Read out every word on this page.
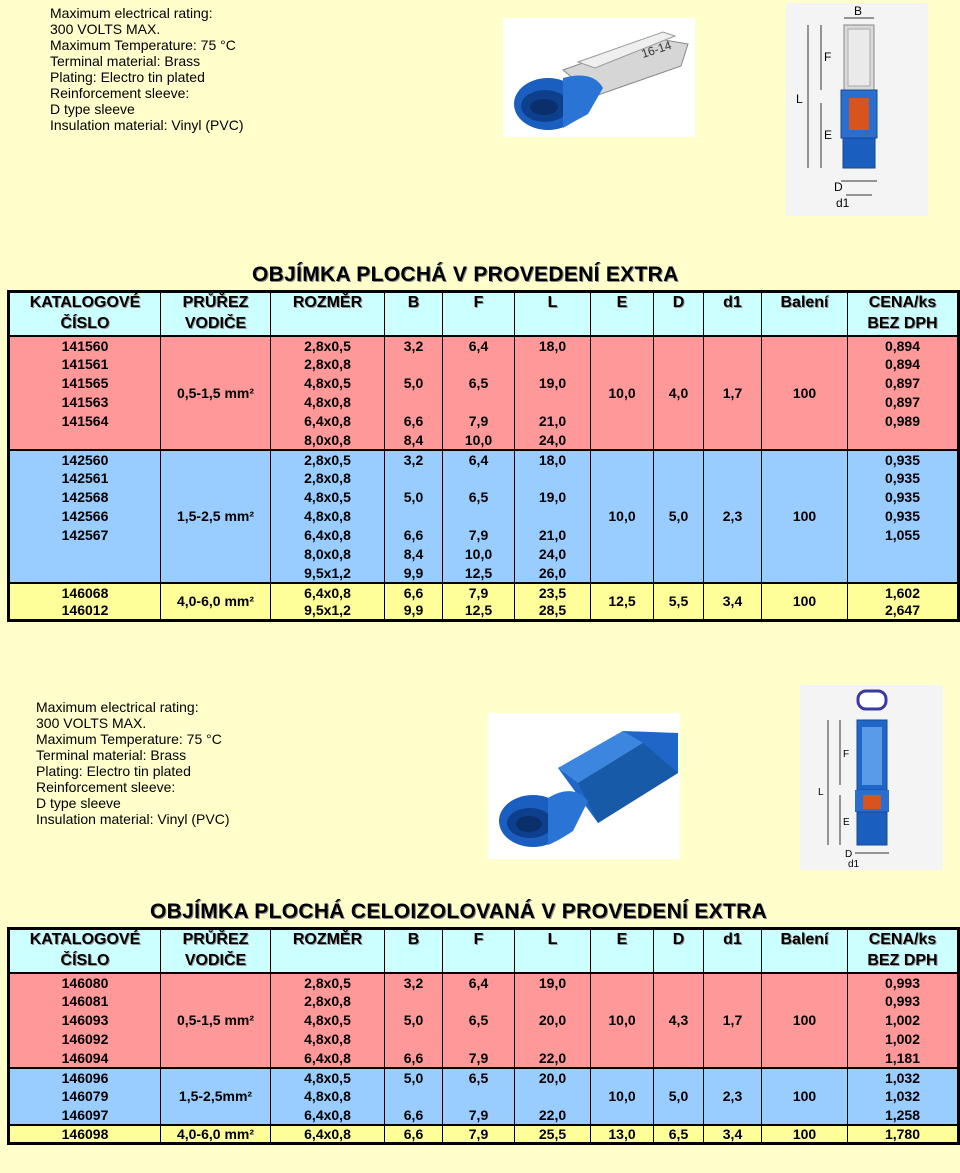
Maximum electrical rating:
300 VOLTS MAX.
Maximum Temperature: 75 °C
Terminal material: Brass
Plating: Electro tin plated
Reinforcement sleeve:
D type sleeve
Insulation material: Vinyl (PVC)
16-14
B
F
L
E
D
d1
OBJÍMKA PLOCHÁ V PROVEDENÍ EXTRA
KATALOGOVÉ	PRŮŘEZ	ROZMĚR	B	F	L	E	D	d1	Balení	CENA/ks
ČÍSLO	VODIČE									BEZ DPH
141560	0,5-1,5 mm²	2,8x0,5	3,2	6,4	18,0	10,0	4,0	1,7	100	0,894
141561		2,8x0,8								0,894
141565		4,8x0,5	5,0	6,5	19,0					0,897
141563		4,8x0,8								0,897
141564		6,4x0,8	6,6	7,9	21,0					0,989
		8,0x0,8	8,4	10,0	24,0					
142560	1,5-2,5 mm²	2,8x0,5	3,2	6,4	18,0	10,0	5,0	2,3	100	0,935
142561		2,8x0,8								0,935
142568		4,8x0,5	5,0	6,5	19,0					0,935
142566		4,8x0,8								0,935
142567		6,4x0,8	6,6	7,9	21,0					1,055
		8,0x0,8	8,4	10,0	24,0					
		9,5x1,2	9,9	12,5	26,0					
146068	4,0-6,0 mm²	6,4x0,8	6,6	7,9	23,5	12,5	5,5	3,4	100	1,602
146012		9,5x1,2	9,9	12,5	28,5					2,647
Maximum electrical rating:
300 VOLTS MAX.
Maximum Temperature: 75 °C
Terminal material: Brass
Plating: Electro tin plated
Reinforcement sleeve:
D type sleeve
Insulation material: Vinyl (PVC)
F
L
E
D
d1
OBJÍMKA PLOCHÁ CELOIZOLOVANÁ V PROVEDENÍ EXTRA
KATALOGOVÉ	PRŮŘEZ	ROZMĚR	B	F	L	E	D	d1	Balení	CENA/ks
ČÍSLO	VODIČE									BEZ DPH
146080	0,5-1,5 mm²	2,8x0,5	3,2	6,4	19,0	10,0	4,3	1,7	100	0,993
146081		2,8x0,8								0,993
146093		4,8x0,5	5,0	6,5	20,0					1,002
146092		4,8x0,8								1,002
146094		6,4x0,8	6,6	7,9	22,0					1,181
146096	1,5-2,5mm²	4,8x0,5	5,0	6,5	20,0	10,0	5,0	2,3	100	1,032
146079		4,8x0,8								1,032
146097		6,4x0,8	6,6	7,9	22,0					1,258
146098	4,0-6,0 mm²	6,4x0,8	6,6	7,9	25,5	13,0	6,5	3,4	100	1,780
